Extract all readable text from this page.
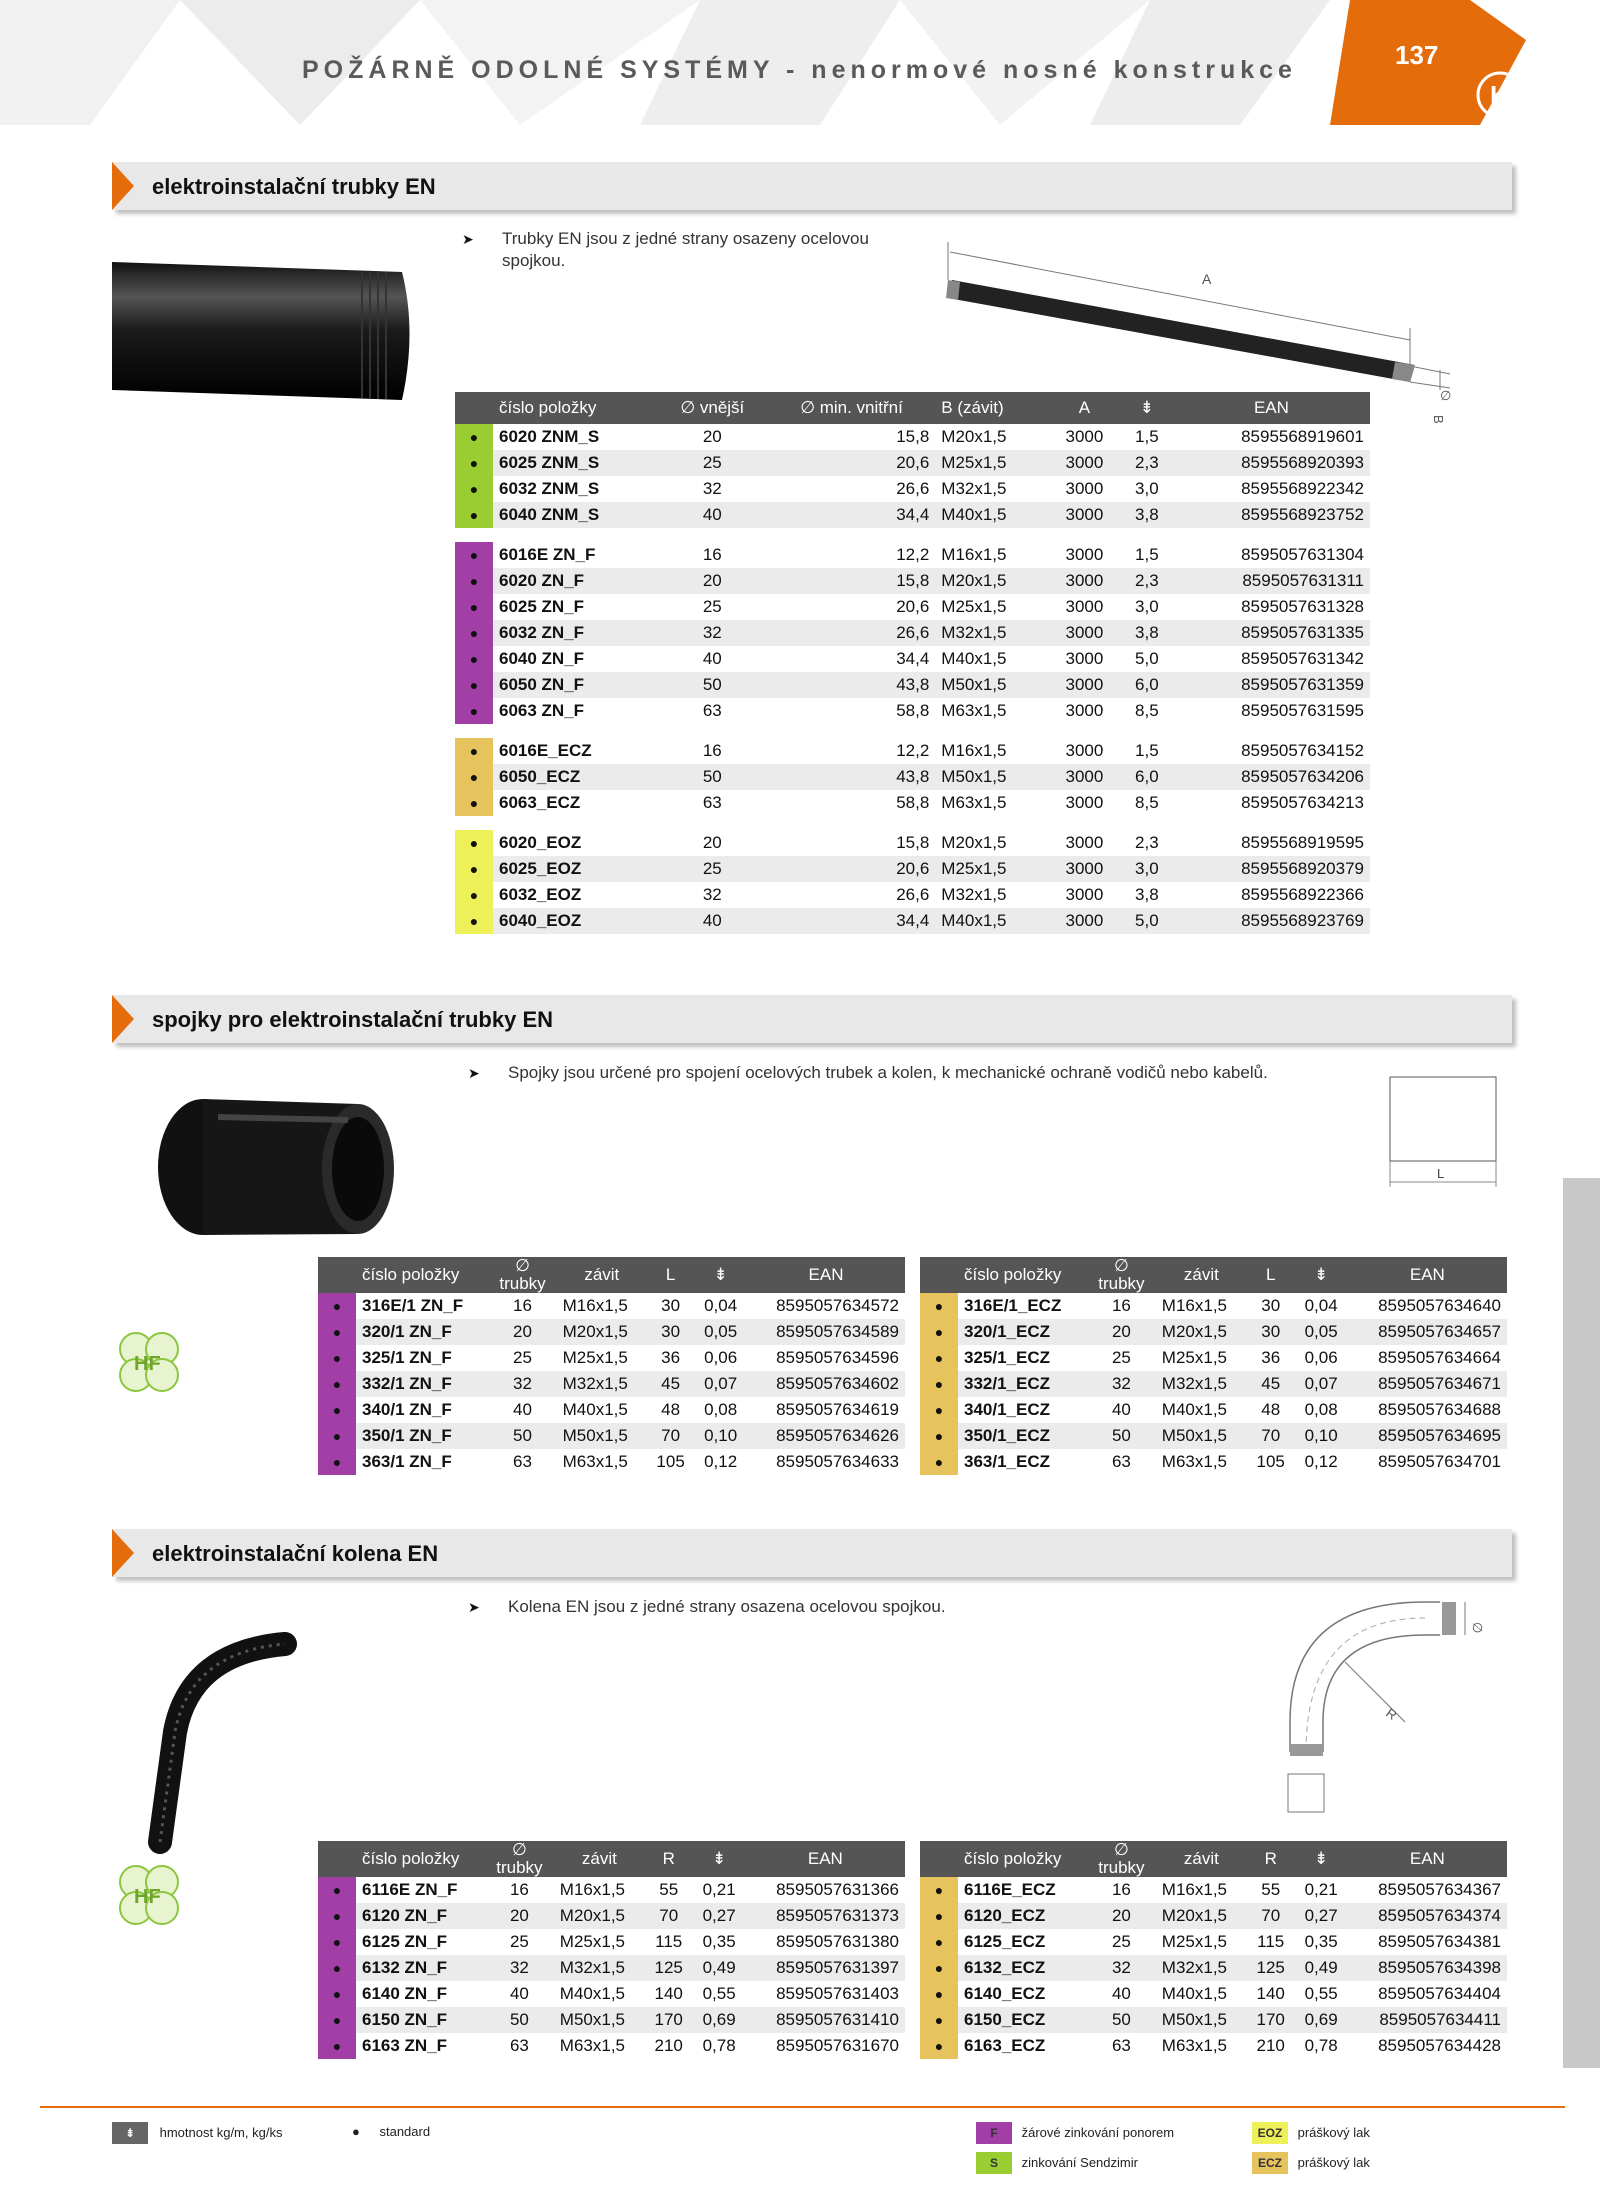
POŽÁRNĚ ODOLNÉ SYSTÉMY - nenormové nosné konstrukce	137
K
elektroinstalační trubky EN
➤ Trubky EN jsou z jedné strany osazeny ocelovou spojkou.
A
∅
B
	číslo položky	∅ vnější	∅ min. vnitřní	B (závit)	A	⇟	EAN
●	6020 ZNM_S	20	15,8	M20x1,5	3000	1,5	8595568919601
●	6025 ZNM_S	25	20,6	M25x1,5	3000	2,3	8595568920393
●	6032 ZNM_S	32	26,6	M32x1,5	3000	3,0	8595568922342
●	6040 ZNM_S	40	34,4	M40x1,5	3000	3,8	8595568923752

●	6016E ZN_F	16	12,2	M16x1,5	3000	1,5	8595057631304
●	6020 ZN_F	20	15,8	M20x1,5	3000	2,3	8595057631311
●	6025 ZN_F	25	20,6	M25x1,5	3000	3,0	8595057631328
●	6032 ZN_F	32	26,6	M32x1,5	3000	3,8	8595057631335
●	6040 ZN_F	40	34,4	M40x1,5	3000	5,0	8595057631342
●	6050 ZN_F	50	43,8	M50x1,5	3000	6,0	8595057631359
●	6063 ZN_F	63	58,8	M63x1,5	3000	8,5	8595057631595

●	6016E_ECZ	16	12,2	M16x1,5	3000	1,5	8595057634152
●	6050_ECZ	50	43,8	M50x1,5	3000	6,0	8595057634206
●	6063_ECZ	63	58,8	M63x1,5	3000	8,5	8595057634213

●	6020_EOZ	20	15,8	M20x1,5	3000	2,3	8595568919595
●	6025_EOZ	25	20,6	M25x1,5	3000	3,0	8595568920379
●	6032_EOZ	32	26,6	M32x1,5	3000	3,8	8595568922366
●	6040_EOZ	40	34,4	M40x1,5	3000	5,0	8595568923769
spojky pro elektroinstalační trubky EN
➤ Spojky jsou určené pro spojení ocelových trubek a kolen, k mechanické ochraně vodičů nebo kabelů.
L
HF
	číslo položky	∅
trubky	závit	L	⇟	EAN
●	316E/1 ZN_F	16	M16x1,5	30	0,04	8595057634572
●	320/1 ZN_F	20	M20x1,5	30	0,05	8595057634589
●	325/1 ZN_F	25	M25x1,5	36	0,06	8595057634596
●	332/1 ZN_F	32	M32x1,5	45	0,07	8595057634602
●	340/1 ZN_F	40	M40x1,5	48	0,08	8595057634619
●	350/1 ZN_F	50	M50x1,5	70	0,10	8595057634626
●	363/1 ZN_F	63	M63x1,5	105	0,12	8595057634633
	číslo položky	∅
trubky	závit	L	⇟	EAN
●	316E/1_ECZ	16	M16x1,5	30	0,04	8595057634640
●	320/1_ECZ	20	M20x1,5	30	0,05	8595057634657
●	325/1_ECZ	25	M25x1,5	36	0,06	8595057634664
●	332/1_ECZ	32	M32x1,5	45	0,07	8595057634671
●	340/1_ECZ	40	M40x1,5	48	0,08	8595057634688
●	350/1_ECZ	50	M50x1,5	70	0,10	8595057634695
●	363/1_ECZ	63	M63x1,5	105	0,12	8595057634701
elektroinstalační kolena EN
➤ Kolena EN jsou z jedné strany osazena ocelovou spojkou.
R
∅
HF
	číslo položky	∅
trubky	závit	R	⇟	EAN
●	6116E ZN_F	16	M16x1,5	55	0,21	8595057631366
●	6120 ZN_F	20	M20x1,5	70	0,27	8595057631373
●	6125 ZN_F	25	M25x1,5	115	0,35	8595057631380
●	6132 ZN_F	32	M32x1,5	125	0,49	8595057631397
●	6140 ZN_F	40	M40x1,5	140	0,55	8595057631403
●	6150 ZN_F	50	M50x1,5	170	0,69	8595057631410
●	6163 ZN_F	63	M63x1,5	210	0,78	8595057631670
	číslo položky	∅
trubky	závit	R	⇟	EAN
●	6116E_ECZ	16	M16x1,5	55	0,21	8595057634367
●	6120_ECZ	20	M20x1,5	70	0,27	8595057634374
●	6125_ECZ	25	M25x1,5	115	0,35	8595057634381
●	6132_ECZ	32	M32x1,5	125	0,49	8595057634398
●	6140_ECZ	40	M40x1,5	140	0,55	8595057634404
●	6150_ECZ	50	M50x1,5	170	0,69	8595057634411
●	6163_ECZ	63	M63x1,5	210	0,78	8595057634428
⇟ hmotnost kg/m, kg/ks	● standard	F žárové zinkování ponorem
S zinkování Sendzimir
EOZ práškový lak
ECZ práškový lak
